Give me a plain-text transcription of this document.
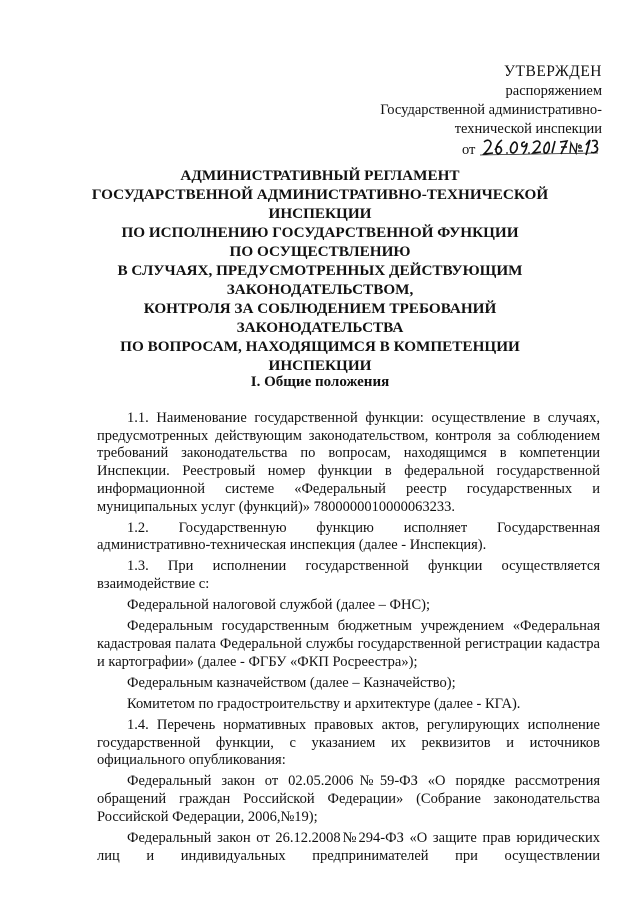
УТВЕРЖДЕН
распоряжением
Государственной административно-
технической инспекции
от
АДМИНИСТРАТИВНЫЙ РЕГЛАМЕНТ
ГОСУДАРСТВЕННОЙ АДМИНИСТРАТИВНО-ТЕХНИЧЕСКОЙ
ИНСПЕКЦИИ
ПО ИСПОЛНЕНИЮ ГОСУДАРСТВЕННОЙ ФУНКЦИИ
ПО ОСУЩЕСТВЛЕНИЮ
В СЛУЧАЯХ, ПРЕДУСМОТРЕННЫХ ДЕЙСТВУЮЩИМ
ЗАКОНОДАТЕЛЬСТВОМ,
КОНТРОЛЯ ЗА СОБЛЮДЕНИЕМ ТРЕБОВАНИЙ
ЗАКОНОДАТЕЛЬСТВА
ПО ВОПРОСАМ, НАХОДЯЩИМСЯ В КОМПЕТЕНЦИИ
ИНСПЕКЦИИ
I. Общие положения

1.1. Наименование государственной функции: осуществление в случаях, предусмотренных действующим законодательством, контроля за соблюдением требований законодательства по вопросам, находящимся в компетенции Инспекции. Реестровый номер функции в федеральной государственной информационной системе «Федеральный реестр государственных и муниципальных услуг (функций)» 7800000010000063233.

1.2. Государственную функцию исполняет Государственная административно-техническая инспекция (далее - Инспекция).

1.3. При исполнении государственной функции осуществляется взаимодействие с:

Федеральной налоговой службой (далее – ФНС);

Федеральным государственным бюджетным учреждением «Федеральная кадастровая палата Федеральной службы государственной регистрации кадастра и картографии» (далее - ФГБУ «ФКП Росреестра»);

Федеральным казначейством (далее – Казначейство);

Комитетом по градостроительству и архитектуре (далее - КГА).

1.4. Перечень нормативных правовых актов, регулирующих исполнение государственной функции, с указанием их реквизитов и источников официального опубликования:

Федеральный закон от 02.05.2006№59-ФЗ «О порядке рассмотрения обращений граждан Российской Федерации» (Собрание законодательства Российской Федерации, 2006,№19);

Федеральный закон от 26.12.2008№294-ФЗ «О защите прав юридических лиц и индивидуальных предпринимателей при осуществлении
